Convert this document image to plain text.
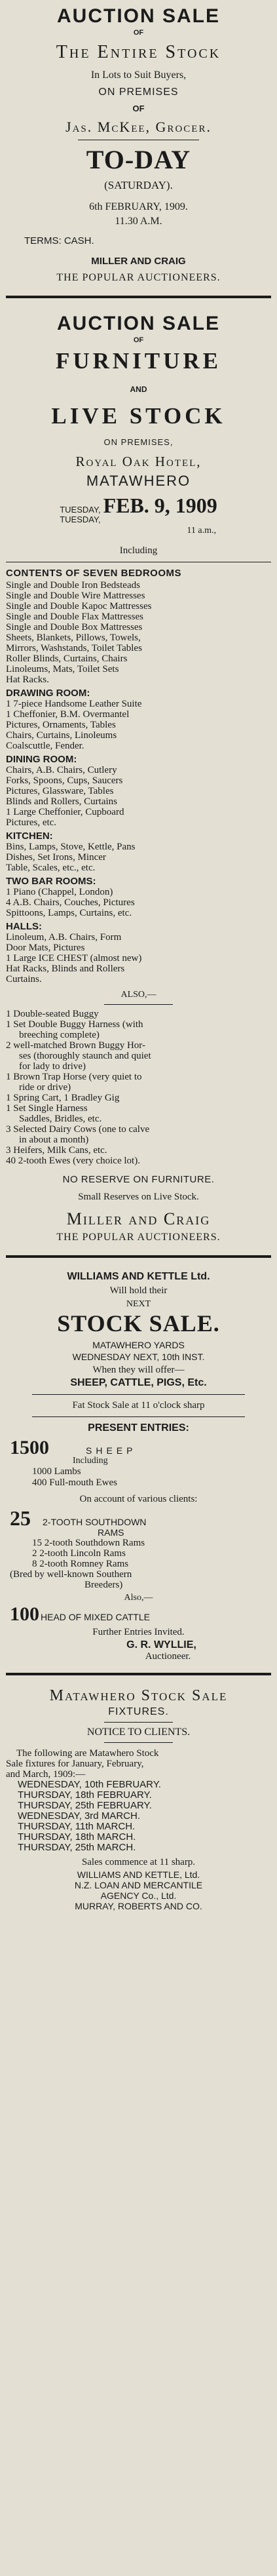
AUCTION SALE
OF
The Entire Stock
In Lots to Suit Buyers,
ON PREMISES
OF
Jas. McKee, Grocer.
TO-DAY
(SATURDAY).
6th FEBRUARY, 1909.
11.30 A.M.
TERMS: CASH.
MILLER AND CRAIG
THE POPULAR AUCTIONEERS.
AUCTION SALE
OF
FURNITURE
AND
LIVE STOCK
ON PREMISES,
Royal Oak Hotel,
MATAWHERO
TUESDAY,
TUESDAY,
FEB. 9, 1909
11 a.m.,
Including
CONTENTS OF SEVEN BEDROOMS
Single and Double Iron Bedsteads
Single and Double Wire Mattresses
Single and Double Kapoc Mattresses
Single and Double Flax Mattresses
Single and Double Box Mattresses
Sheets, Blankets, Pillows, Towels,
Mirrors, Washstands, Toilet Tables
Roller Blinds, Curtains, Chairs
Linoleums, Mats, Toilet Sets
Hat Racks.
DRAWING ROOM:
1 7-piece Handsome Leather Suite
1 Cheffonier, B.M. Overmantel
Pictures, Ornaments, Tables
Chairs, Curtains, Linoleums
Coalscuttle, Fender.
DINING ROOM:
Chairs, A.B. Chairs, Cutlery
Forks, Spoons, Cups, Saucers
Pictures, Glassware, Tables
Blinds and Rollers, Curtains
1 Large Cheffonier, Cupboard
Pictures, etc.
KITCHEN:
Bins, Lamps, Stove, Kettle, Pans
Dishes, Set Irons, Mincer
Table, Scales, etc., etc.
TWO BAR ROOMS:
1 Piano (Chappel, London)
4 A.B. Chairs, Couches, Pictures
Spittoons, Lamps, Curtains, etc.
HALLS:
Linoleum, A.B. Chairs, Form
Door Mats, Pictures
1 Large ICE CHEST (almost new)
Hat Racks, Blinds and Rollers
Curtains.
ALSO,—
1 Double-seated Buggy
1 Set Double Buggy Harness (with
breeching complete)
2 well-matched Brown Buggy Hor-
ses (thoroughly staunch and quiet
for lady to drive)
1 Brown Trap Horse (very quiet to
ride or drive)
1 Spring Cart, 1 Bradley Gig
1 Set Single Harness
Saddles, Bridles, etc.
3 Selected Dairy Cows (one to calve
in about a month)
3 Heifers, Milk Cans, etc.
40 2-tooth Ewes (very choice lot).
NO RESERVE ON FURNITURE.
Small Reserves on Live Stock.
Miller and Craig
THE POPULAR AUCTIONEERS.
WILLIAMS AND KETTLE Ltd.
Will hold their
NEXT
STOCK SALE.
MATAWHERO YARDS
WEDNESDAY NEXT, 10th INST.
When they will offer—
SHEEP, CATTLE, PIGS, Etc.
Fat Stock Sale at 11 o'clock sharp
PRESENT ENTRIES:
1500	SHEEP
Including
1000 Lambs
400 Full-mouth Ewes
On account of various clients:
25 2-TOOTH SOUTHDOWN
RAMS
15 2-tooth Southdown Rams
2 2-tooth Lincoln Rams
8 2-tooth Romney Rams
(Bred by well-known Southern
Breeders)
Also,—
100 HEAD OF MIXED CATTLE
Further Entries Invited.
G. R. WYLLIE,
Auctioneer.
Matawhero Stock Sale
FIXTURES.
NOTICE TO CLIENTS.
The following are Matawhero Stock
Sale fixtures for January, February,
and March, 1909:—
WEDNESDAY, 10th FEBRUARY.
THURSDAY, 18th FEBRUARY.
THURSDAY, 25th FEBRUARY.
WEDNESDAY, 3rd MARCH.
THURSDAY, 11th MARCH.
THURSDAY, 18th MARCH.
THURSDAY, 25th MARCH.
Sales commence at 11 sharp.
WILLIAMS AND KETTLE, Ltd.
N.Z. LOAN AND MERCANTILE
AGENCY Co., Ltd.
MURRAY, ROBERTS AND CO.
